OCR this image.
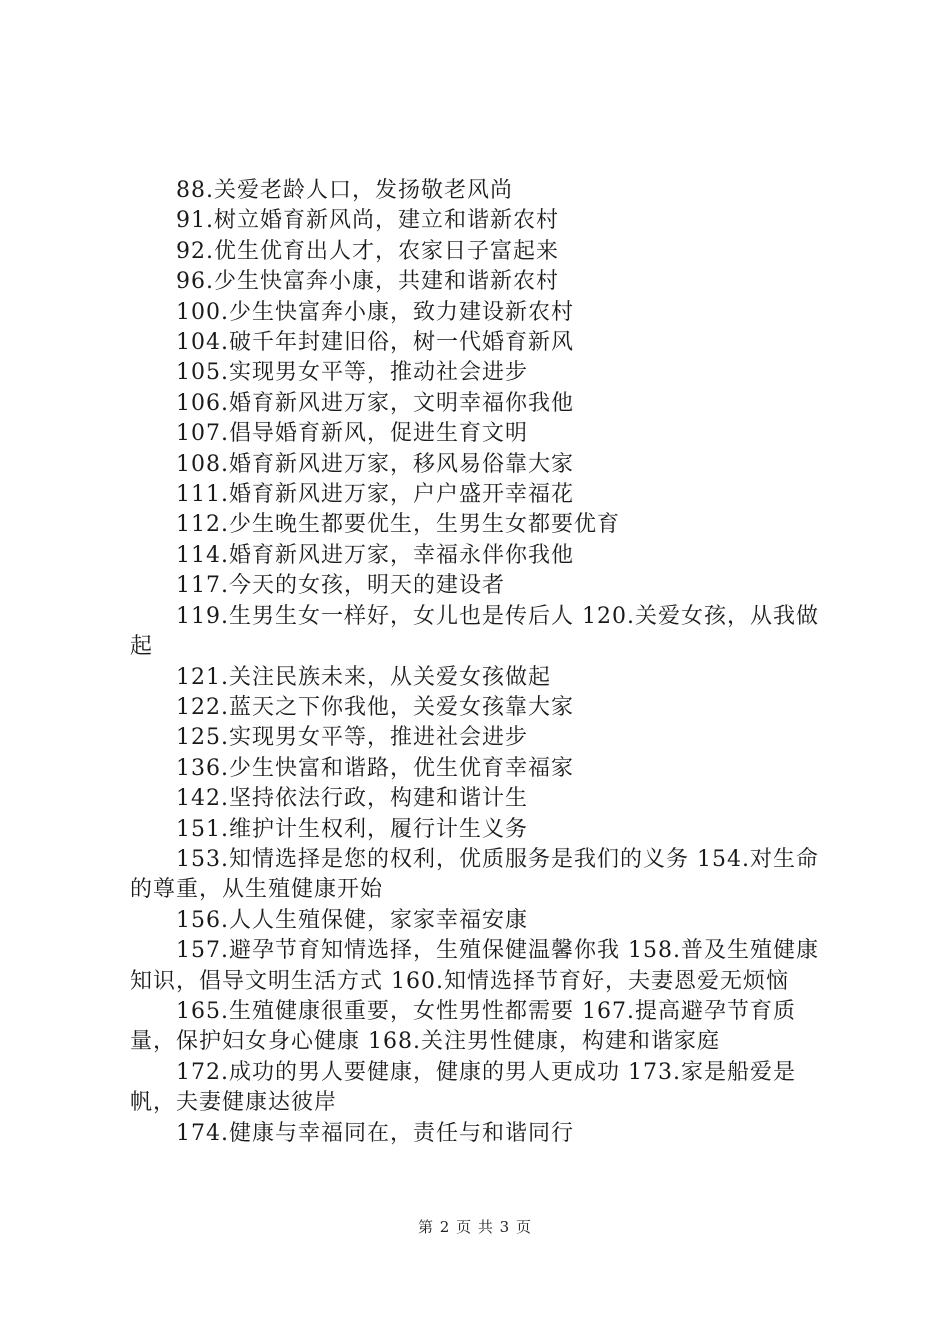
88.关爱老龄人口，发扬敬老风尚

91.树立婚育新风尚，建立和谐新农村

92.优生优育出人才，农家日子富起来

96.少生快富奔小康，共建和谐新农村

100.少生快富奔小康，致力建设新农村

104.破千年封建旧俗，树一代婚育新风

105.实现男女平等，推动社会进步

106.婚育新风进万家，文明幸福你我他

107.倡导婚育新风，促进生育文明

108.婚育新风进万家，移风易俗靠大家

111.婚育新风进万家，户户盛开幸福花

112.少生晚生都要优生，生男生女都要优育

114.婚育新风进万家，幸福永伴你我他

117.今天的女孩，明天的建设者

119.生男生女一样好，女儿也是传后人 120.关爱女孩，从我做起

121.关注民族未来，从关爱女孩做起

122.蓝天之下你我他，关爱女孩靠大家

125.实现男女平等，推进社会进步

136.少生快富和谐路，优生优育幸福家

142.坚持依法行政，构建和谐计生

151.维护计生权利，履行计生义务

153.知情选择是您的权利，优质服务是我们的义务 154.对生命的尊重，从生殖健康开始

156.人人生殖保健，家家幸福安康

157.避孕节育知情选择，生殖保健温馨你我 158.普及生殖健康知识，倡导文明生活方式 160.知情选择节育好，夫妻恩爱无烦恼

165.生殖健康很重要，女性男性都需要 167.提高避孕节育质量，保护妇女身心健康 168.关注男性健康，构建和谐家庭

172.成功的男人要健康，健康的男人更成功 173.家是船爱是帆，夫妻健康达彼岸

174.健康与幸福同在，责任与和谐同行

第 2 页 共 3 页
